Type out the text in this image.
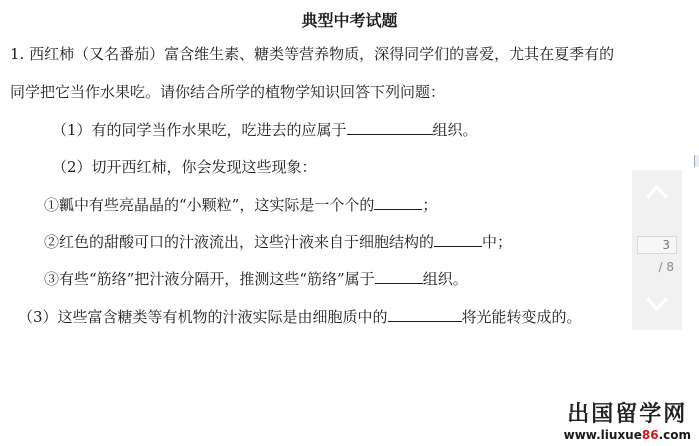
典型中考试题
1. 西红柿（又名番茄）富含维生素、糖类等营养物质，深得同学们的喜爱，尤其在夏季有的
同学把它当作水果吃。请你结合所学的植物学知识回答下列问题：
（1）有的同学当作水果吃，吃进去的应属于	组织。
（2）切开西红柿，你会发现这些现象：
①瓤中有些亮晶晶的“小颗粒”，这实际是一个个的	；
②红色的甜酸可口的汁液流出，这些汁液来自于细胞结构的	中；
③有些“筋络”把汁液分隔开，推测这些“筋络”属于	组织。
（3）这些富含糖类等有机物的汁液实际是由细胞质中的	将光能转变成的。
3
/ 8
出国留学网
www.liuxue86.com
